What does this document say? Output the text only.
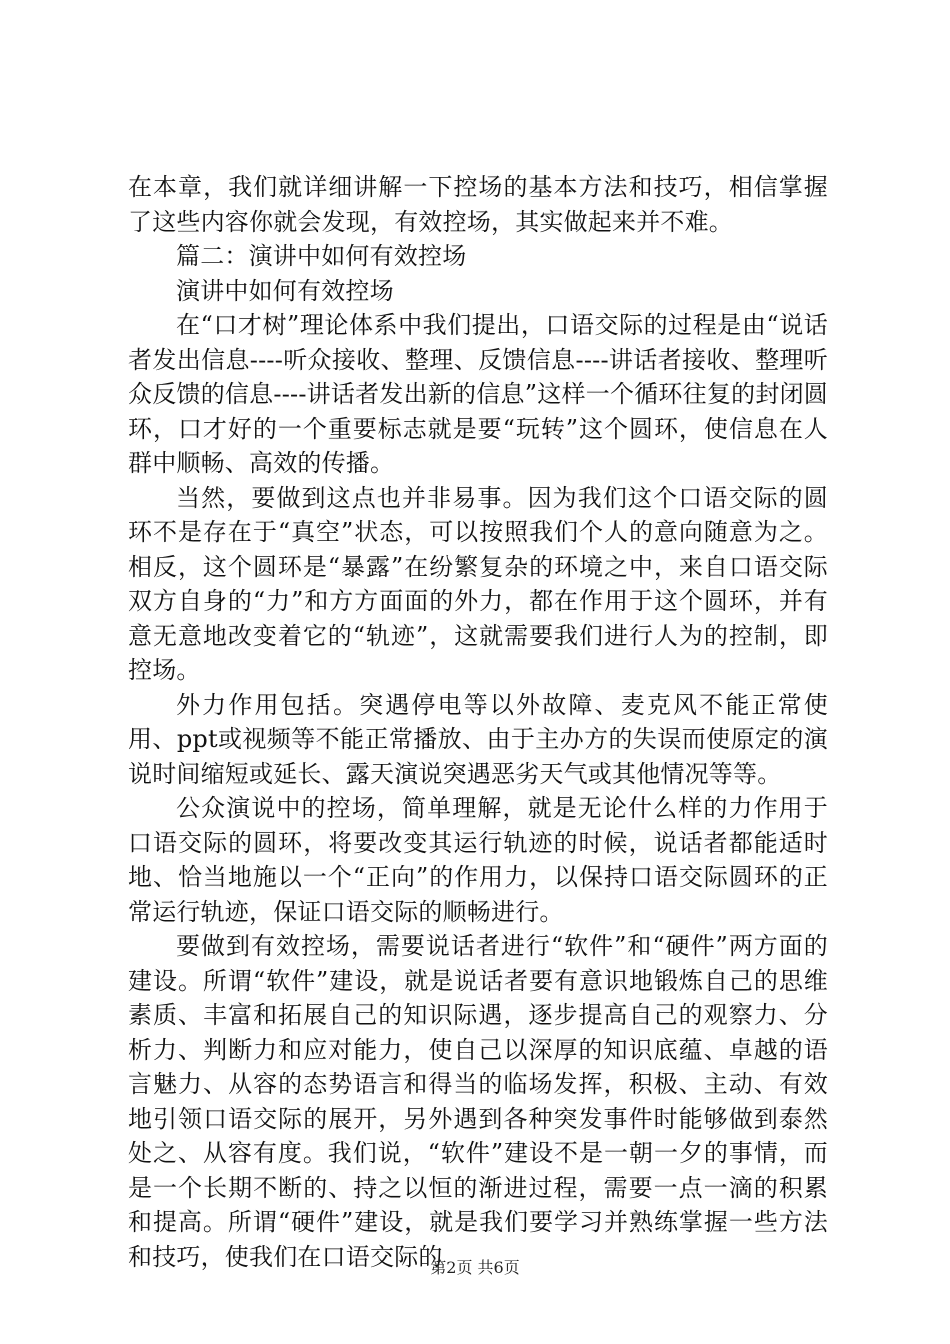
在本章，我们就详细讲解一下控场的基本方法和技巧，相信掌握了这些内容你就会发现，有效控场，其实做起来并不难。

篇二：演讲中如何有效控场

演讲中如何有效控场

在“口才树”理论体系中我们提出，口语交际的过程是由“说话者发出信息----听众接收、整理、反馈信息----讲话者接收、整理听众反馈的信息----讲话者发出新的信息”这样一个循环往复的封闭圆环，口才好的一个重要标志就是要“玩转”这个圆环，使信息在人群中顺畅、高效的传播。

当然，要做到这点也并非易事。因为我们这个口语交际的圆环不是存在于“真空”状态，可以按照我们个人的意向随意为之。相反，这个圆环是“暴露”在纷繁复杂的环境之中，来自口语交际双方自身的“力”和方方面面的外力，都在作用于这个圆环，并有意无意地改变着它的“轨迹”，这就需要我们进行人为的控制，即控场。

外力作用包括。突遇停电等以外故障、麦克风不能正常使用、ppt或视频等不能正常播放、由于主办方的失误而使原定的演说时间缩短或延长、露天演说突遇恶劣天气或其他情况等等。

公众演说中的控场，简单理解，就是无论什么样的力作用于口语交际的圆环，将要改变其运行轨迹的时候，说话者都能适时地、恰当地施以一个“正向”的作用力，以保持口语交际圆环的正常运行轨迹，保证口语交际的顺畅进行。

要做到有效控场，需要说话者进行“软件”和“硬件”两方面的建设。所谓“软件”建设，就是说话者要有意识地锻炼自己的思维素质、丰富和拓展自己的知识际遇，逐步提高自己的观察力、分析力、判断力和应对能力，使自己以深厚的知识底蕴、卓越的语言魅力、从容的态势语言和得当的临场发挥，积极、主动、有效地引领口语交际的展开，另外遇到各种突发事件时能够做到泰然处之、从容有度。我们说，“软件”建设不是一朝一夕的事情，而是一个长期不断的、持之以恒的渐进过程，需要一点一滴的积累和提高。所谓“硬件”建设，就是我们要学习并熟练掌握一些方法和技巧，使我们在口语交际的

第2页 共6页
